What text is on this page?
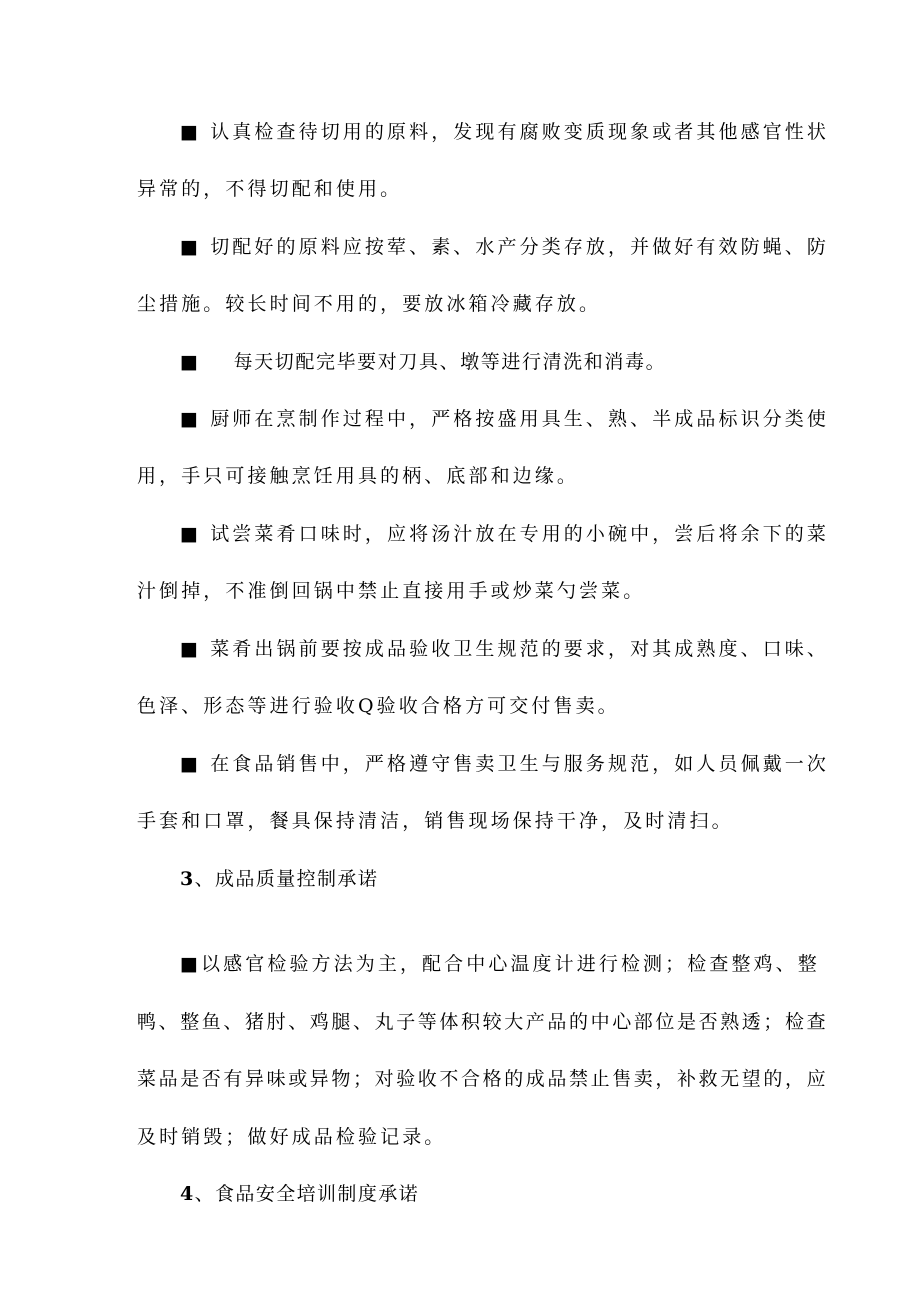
■ 认真检查待切用的原料，发现有腐败变质现象或者其他感官性状
异常的，不得切配和使用。
■ 切配好的原料应按荤、素、水产分类存放，并做好有效防蝇、防
尘措施。较长时间不用的，要放冰箱冷藏存放。
■ 每天切配完毕要对刀具、墩等进行清洗和消毒。
■ 厨师在烹制作过程中，严格按盛用具生、熟、半成品标识分类使
用，手只可接触烹饪用具的柄、底部和边缘。
■ 试尝菜肴口味时，应将汤汁放在专用的小碗中，尝后将余下的菜
汁倒掉，不准倒回锅中禁止直接用手或炒菜勺尝菜。
■ 菜肴出锅前要按成品验收卫生规范的要求，对其成熟度、口味、
色泽、形态等进行验收Q验收合格方可交付售卖。
■ 在食品销售中，严格遵守售卖卫生与服务规范，如人员佩戴一次
手套和口罩，餐具保持清洁，销售现场保持干净，及时清扫。
3、成品质量控制承诺
■以感官检验方法为主，配合中心温度计进行检测；检查整鸡、整
鸭、整鱼、猪肘、鸡腿、丸子等体积较大产品的中心部位是否熟透；检查
菜品是否有异味或异物；对验收不合格的成品禁止售卖，补救无望的，应
及时销毁；做好成品检验记录。
4、食品安全培训制度承诺
